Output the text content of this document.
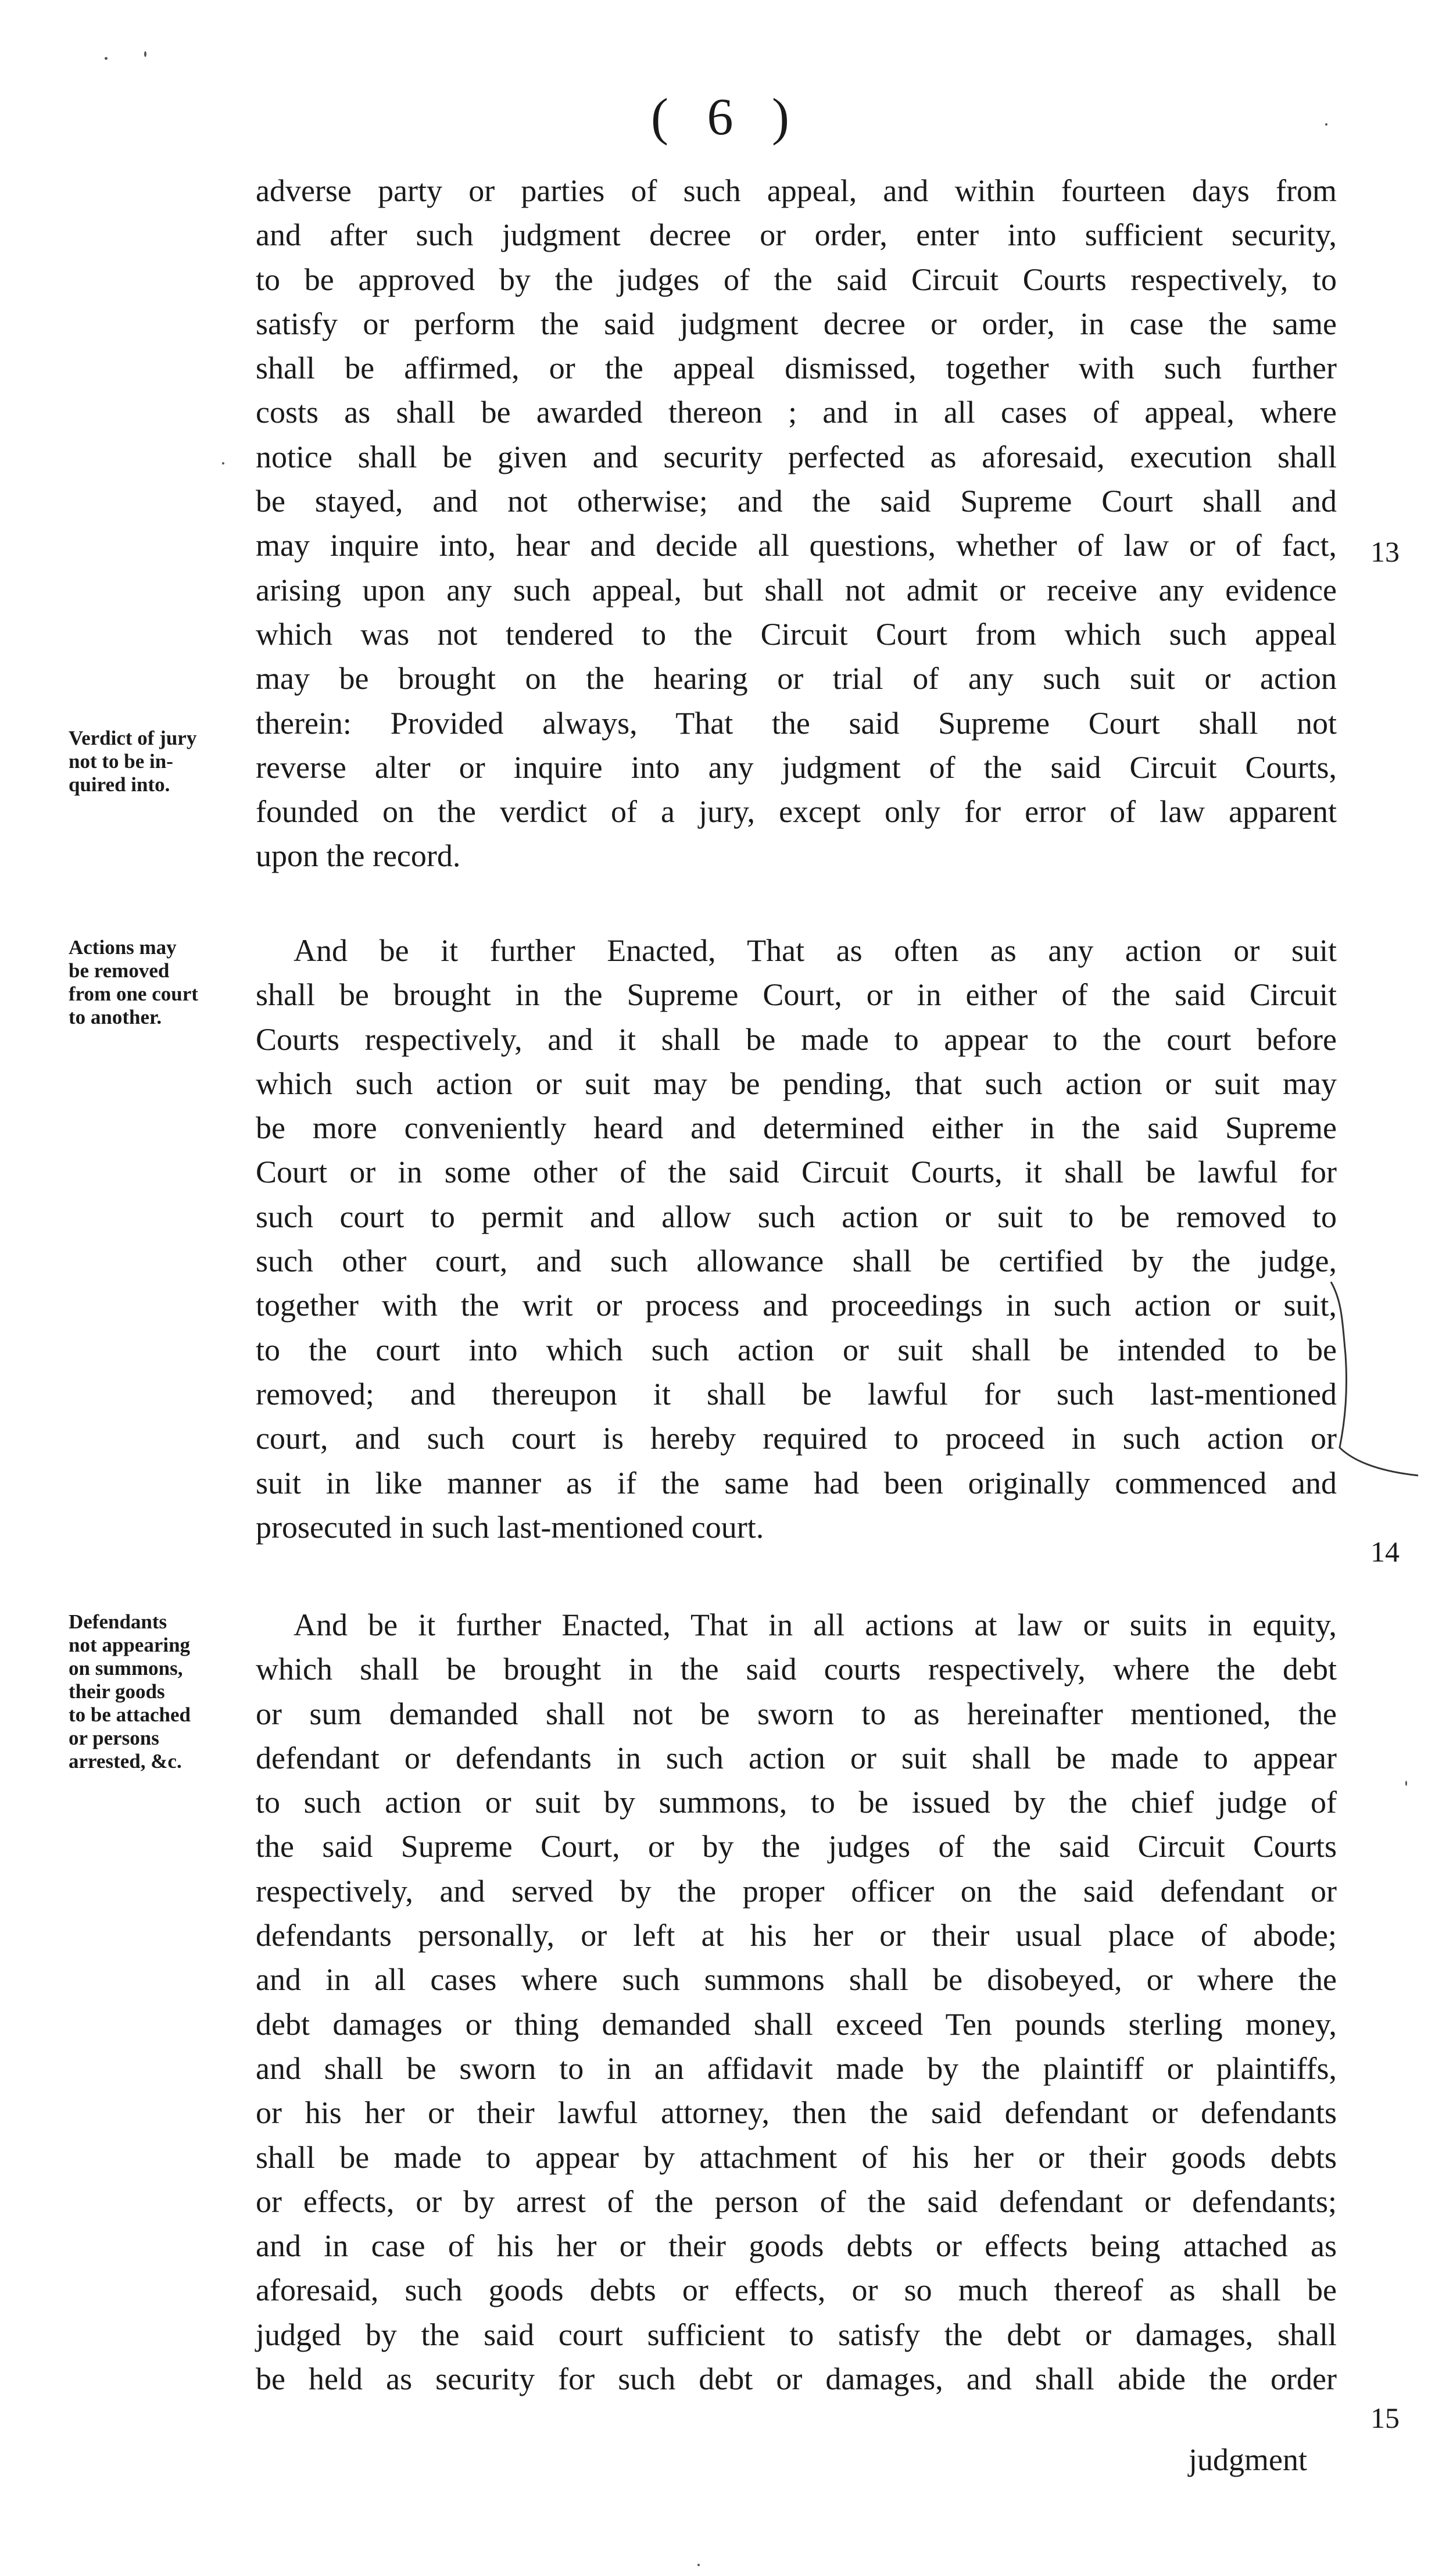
( 6 )
adverse party or parties of such appeal, and within fourteen days from
and after such judgment decree or order, enter into sufficient security,
to be approved by the judges of the said Circuit Courts respectively, to
satisfy or perform the said judgment decree or order, in case the same
shall be affirmed, or the appeal dismissed, together with such further
costs as shall be awarded thereon ; and in all cases of appeal, where
notice shall be given and security perfected as aforesaid, execution shall
be stayed, and not otherwise; and the said Supreme Court shall and
may inquire into, hear and decide all questions, whether of law or of fact,
arising upon any such appeal, but shall not admit or receive any evidence
which was not tendered to the Circuit Court from which such appeal
may be brought on the hearing or trial of any such suit or action
therein: Provided always, That the said Supreme Court shall not
reverse alter or inquire into any judgment of the said Circuit Courts,
founded on the verdict of a jury, except only for error of law apparent
upon the record.
And be it further Enacted, That as often as any action or suit
shall be brought in the Supreme Court, or in either of the said Circuit
Courts respectively, and it shall be made to appear to the court before
which such action or suit may be pending, that such action or suit may
be more conveniently heard and determined either in the said Supreme
Court or in some other of the said Circuit Courts, it shall be lawful for
such court to permit and allow such action or suit to be removed to
such other court, and such allowance shall be certified by the judge,
together with the writ or process and proceedings in such action or suit,
to the court into which such action or suit shall be intended to be
removed; and thereupon it shall be lawful for such last-mentioned
court, and such court is hereby required to proceed in such action or
suit in like manner as if the same had been originally commenced and
prosecuted in such last-mentioned court.
And be it further Enacted, That in all actions at law or suits in equity,
which shall be brought in the said courts respectively, where the debt
or sum demanded shall not be sworn to as hereinafter mentioned, the
defendant or defendants in such action or suit shall be made to appear
to such action or suit by summons, to be issued by the chief judge of
the said Supreme Court, or by the judges of the said Circuit Courts
respectively, and served by the proper officer on the said defendant or
defendants personally, or left at his her or their usual place of abode;
and in all cases where such summons shall be disobeyed, or where the
debt damages or thing demanded shall exceed Ten pounds sterling money,
and shall be sworn to in an affidavit made by the plaintiff or plaintiffs,
or his her or their lawful attorney, then the said defendant or defendants
shall be made to appear by attachment of his her or their goods debts
or effects, or by arrest of the person of the said defendant or defendants;
and in case of his her or their goods debts or effects being attached as
aforesaid, such goods debts or effects, or so much thereof as shall be
judged by the said court sufficient to satisfy the debt or damages, shall
be held as security for such debt or damages, and shall abide the order
Verdict of jury
not to be in-
quired into.
Actions may
be removed
from one court
to another.
Defendants
not appearing
on summons,
their goods
to be attached
or persons
arrested, &c.
13
14
15
judgment
